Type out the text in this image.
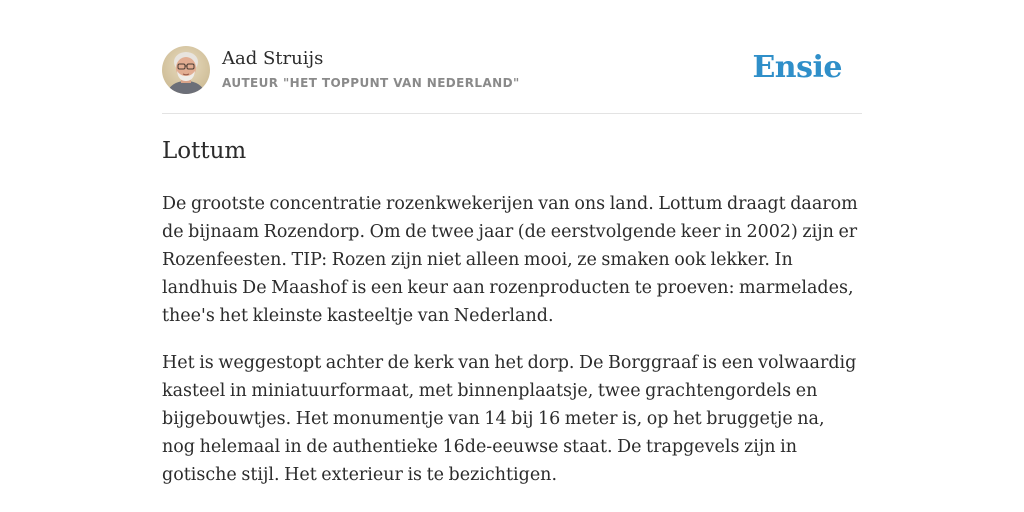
Aad Struijs
AUTEUR "HET TOPPUNT VAN NEDERLAND"	Ensie
Lottum

De grootste concentratie rozenkwekerijen van ons land. Lottum draagt daarom de bijnaam Rozendorp. Om de twee jaar (de eerstvolgende keer in 2002) zijn er Rozenfeesten. TIP: Rozen zijn niet alleen mooi, ze smaken ook lekker. In landhuis De Maashof is een keur aan rozenproducten te proeven: marmelades, thee's het kleinste kasteeltje van Nederland.

Het is weggestopt achter de kerk van het dorp. De Borggraaf is een volwaardig kasteel in miniatuurformaat, met binnenplaatsje, twee grachtengordels en bijgebouwtjes. Het monumentje van 14 bij 16 meter is, op het bruggetje na, nog helemaal in de authentieke 16de-eeuwse staat. De trapgevels zijn in gotische stijl. Het exterieur is te bezichtigen.
